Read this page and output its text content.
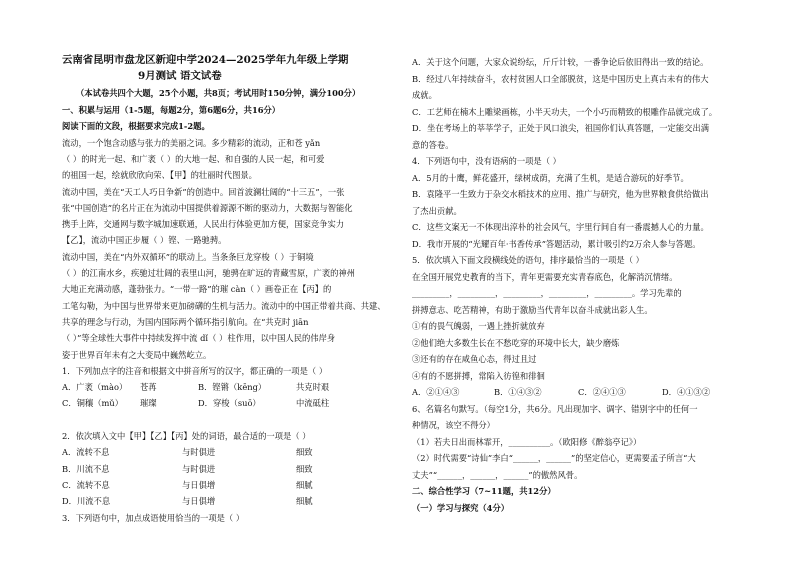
云南省昆明市盘龙区新迎中学2024—2025学年九年级上学期
9月测试 语文试卷
（本试卷共四个大题，25个小题，共8页；考试用时150分钟，满分100分）
一、积累与运用（1-5题，每题2分，第6题6分，共16分）
阅读下面的文段，根据要求完成1-2题。
流动，一个饱含动感与张力的美丽之词。多少精彩的流动，正和苍 yǎn
（ ）的时光一起、和广袤（ ）的大地一起、和自强的人民一起，和可爱
的祖国一起，绘就欣欣向荣、【甲】的壮丽时代图景。
流动中国，美在“天工人巧日争新”的创造中。回首波澜壮阔的“十三五”，一张
张“中国创造”的名片正在为流动中国提供着源源不断的驱动力，大数据与智能化
携手上阵，交通网与数字城加速联通，人民出行体验更加方便，国家竞争实力
【乙】，流动中国正步履（ ）铿、一路驰骋。
流动中国，美在“内外双循环”的联动上。当条条巨龙穿梭（ ）于铜境
（ ）的江南水乡，疾驰过壮阔的表里山河，驰骋在旷远的青藏雪原，广袤的神州
大地正充满动感，蓬勃张力。“一带一路”的璀 càn（ ）画卷正在【丙】的
工笔勾勒，为中国与世界带来更加磅礴的生机与活力。流动中的中国正带着共商、共建、
共享的理念与行动，为国内国际两个循环指引航向。在“共克时 jiān
（ ）”等全球性大事件中持续发挥中流 dǐ（ ）柱作用，以中国人民的伟岸身
姿于世界百年未有之大变局中巍然屹立。
1．下列加点字的注音和根据文中拼音所写的汉字，都正确的一项是（ ）
2．依次填入文中【甲】【乙】【丙】处的词语，最合适的一项是（ ）
3．下列语句中，加点成语使用恰当的一项是（ ）
A．广袤（mào） 苍苒	B．铿锵（kēng）	共克时艰
C．铜穰（mǔ） 璀璨	D．穿梭（suō）	中流砥柱
A．流转不息	与时俱进	细致
B．川流不息	与时俱进	细致
C．流转不息	与日俱增	细腻
D．川流不息	与日俱增	细腻
A．关于这个问题，大家众说纷纭，斤斤计较，一番争论后依旧得出一致的结论。
B．经过八年持续奋斗，农村贫困人口全部脱贫，这是中国历史上真古未有的伟大
成就。
C．工艺师在楠木上雕梁画栋，小半天功夫，一个小巧而精致的根雕作品就完成了。
D．坐在考场上的莘莘学子，正处于风口浪尖，祖国你们认真答题，一定能交出满
意的答卷。
4．下列语句中，没有语病的一项是（ ）
A．5月的十鹰，鲜花盛开，绿树成荫，充满了生机，是适合游玩的好季节。
B．袁隆平一生致力于杂交水稻技术的应用、推广与研究，他为世界粮食供给做出
了杰出贡献。
C．这些文案无一不体现出淳朴的社会风气，宇里行间自有一番震撼人心的力量。
D．我市开展的“光耀百年·书香传承”答题活动，累计吸引约2万余人参与答题。
5．依次填入下面文段横线处的语句，排序最恰当的一项是（ ）
在全国开展党史教育的当下，青年更需要充实青春底色，化解消沉情绪。
_________，_________，_________，_________，_________。学习先辈的
拼搏意志、吃苦精神，有助于激励当代青年以奋斗成就出彩人生。
①有的畏气魄弱，一遇上挫折就放弃
②他们绝大多数生长在不愁吃穿的环境中长大，缺少磨炼
③还有的存在咸鱼心态，得过且过
④有的不愿拼搏，常陷入彷徨和徘徊
6、名篇名句默写。（每空1分，共6分。凡出现加字、调字、错别字中的任何一
种情况，该空不得分）
（1）若夫日出而林霏开，__________。（欧阳修《醉翁亭记》）
（2）时代需要“诗仙”李白“______，______”的坚定信心，更需要孟子所言“大
丈夫”“______，______，______”的傲然风骨。
二、综合性学习（7~11题，共12分）
（一）学习与探究（4分）
A．②①④③	B．①④③②	C．②④①③	D．④①③②
